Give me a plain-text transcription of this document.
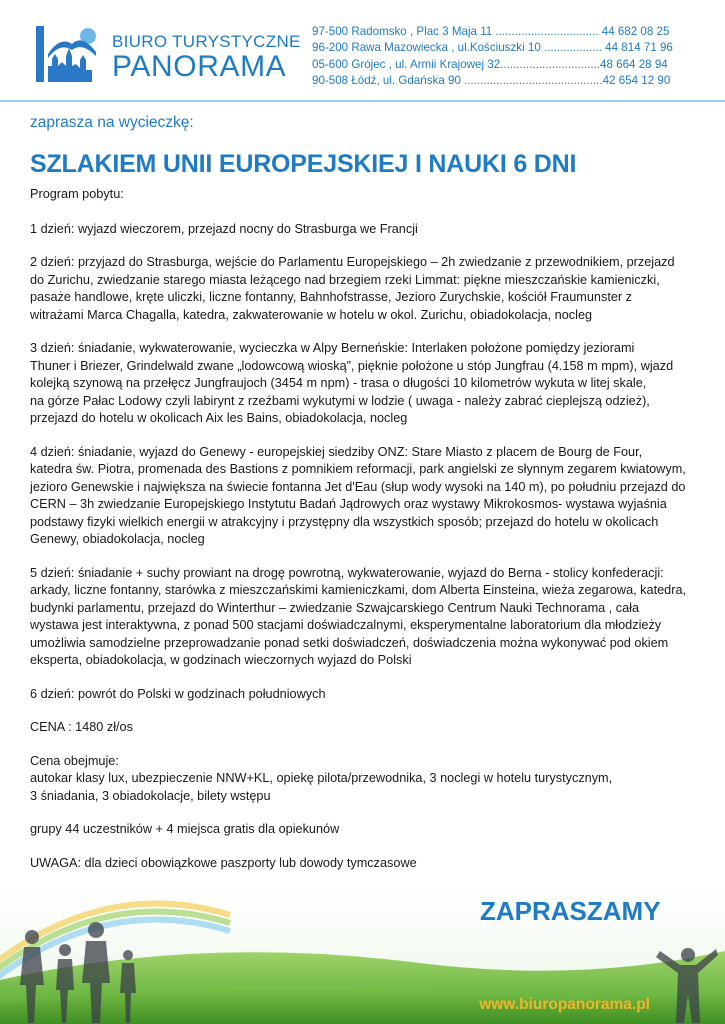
BIURO TURYSTYCZNE
PANORAMA
97-500 Radomsko , Plac 3 Maja 11 ................................ 44 682 08 25
96-200 Rawa Mazowiecka , ul.Kościuszki 10 .................. 44 814 71 96
05-600 Grójec , ul. Armii Krajowej 32...............................48 664 28 94
90-508 Łódź, ul. Gdańska 90 ...........................................42 654 12 90
zaprasza na wycieczkę:
SZLAKIEM UNII EUROPEJSKIEJ I NAUKI 6 DNI

Program pobytu:

1 dzień: wyjazd wieczorem, przejazd nocny do Strasburga we Francji

2 dzień: przyjazd do Strasburga, wejście do Parlamentu Europejskiego – 2h zwiedzanie z przewodnikiem, przejazd
do Zurichu, zwiedzanie starego miasta leżącego nad brzegiem rzeki Limmat: piękne mieszczańskie kamieniczki,
pasaże handlowe, kręte uliczki, liczne fontanny, Bahnhofstrasse, Jezioro Zurychskie, kościół Fraumunster z
witrażami Marca Chagalla, katedra, zakwaterowanie w hotelu w okol. Zurichu, obiadokolacja, nocleg

3 dzień: śniadanie, wykwaterowanie, wycieczka w Alpy Berneńskie: Interlaken położone pomiędzy jeziorami
Thuner i Briezer, Grindelwald zwane „lodowcową wioską”, pięknie położone u stóp Jungfrau (4.158 m mpm), wjazd
kolejką szynową na przełęcz Jungfraujoch (3454 m npm) - trasa o długości 10 kilometrów wykuta w litej skale,
na górze Pałac Lodowy czyli labirynt z rzeźbami wykutymi w lodzie ( uwaga - należy zabrać cieplejszą odzież),
przejazd do hotelu w okolicach Aix les Bains, obiadokolacja, nocleg

4 dzień: śniadanie, wyjazd do Genewy - europejskiej siedziby ONZ: Stare Miasto z placem de Bourg de Four,
katedra św. Piotra, promenada des Bastions z pomnikiem reformacji, park angielski ze słynnym zegarem kwiatowym,
jezioro Genewskie i największa na świecie fontanna Jet d'Eau (słup wody wysoki na 140 m), po południu przejazd do
CERN – 3h zwiedzanie Europejskiego Instytutu Badań Jądrowych oraz wystawy Mikrokosmos- wystawa wyjaśnia
podstawy fizyki wielkich energii w atrakcyjny i przystępny dla wszystkich sposób; przejazd do hotelu w okolicach
Genewy, obiadokolacja, nocleg

5 dzień: śniadanie + suchy prowiant na drogę powrotną, wykwaterowanie, wyjazd do Berna - stolicy konfederacji:
arkady, liczne fontanny, starówka z mieszczańskimi kamieniczkami, dom Alberta Einsteina, wieża zegarowa, katedra,
budynki parlamentu, przejazd do Winterthur – zwiedzanie Szwajcarskiego Centrum Nauki Technorama , cała
wystawa jest interaktywna, z ponad 500 stacjami doświadczalnymi, eksperymentalne laboratorium dla młodzieży
umożliwia samodzielne przeprowadzanie ponad setki doświadczeń, doświadczenia można wykonywać pod okiem
eksperta, obiadokolacja, w godzinach wieczornych wyjazd do Polski

6 dzień: powrót do Polski w godzinach południowych

CENA : 1480 zł/os

Cena obejmuje:
autokar klasy lux, ubezpieczenie NNW+KL, opiekę pilota/przewodnika, 3 noclegi w hotelu turystycznym,
3 śniadania, 3 obiadokolacje, bilety wstępu

grupy 44 uczestników + 4 miejsca gratis dla opiekunów

UWAGA: dla dzieci obowiązkowe paszporty lub dowody tymczasowe

ZAPRASZAMY
www.biuropanorama.pl
